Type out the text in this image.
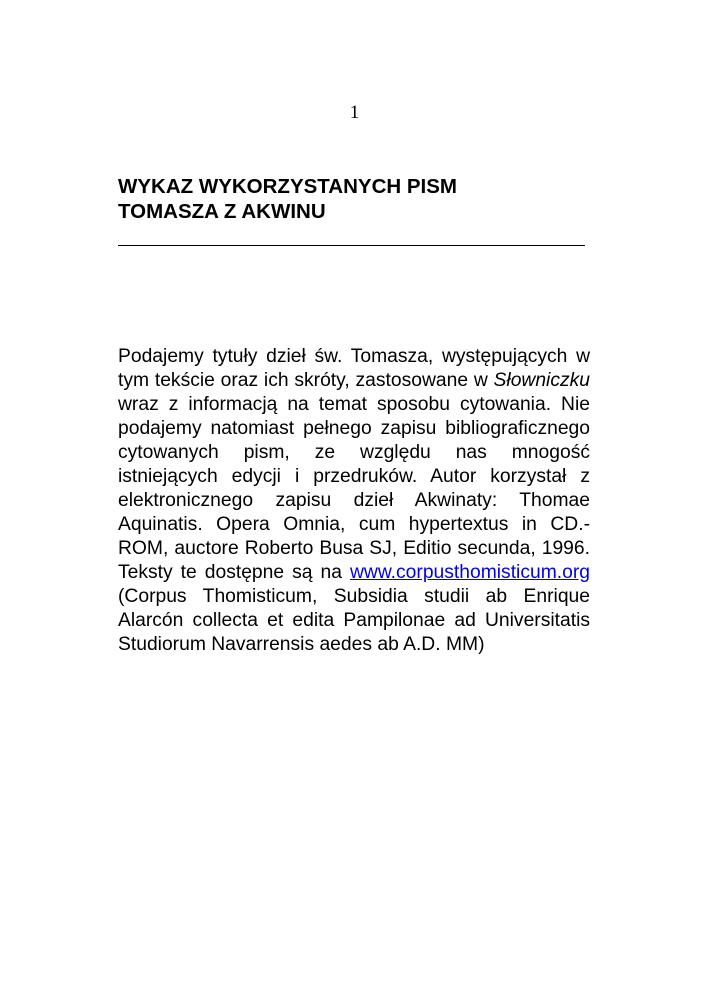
1
WYKAZ WYKORZYSTANYCH PISM
TOMASZA Z AKWINU

Podajemy tytuły dzieł św. Tomasza, występujących w tym tekście oraz ich skróty, zastosowane w Słowniczku wraz z informacją na temat sposobu cytowania. Nie podajemy natomiast pełnego zapisu bibliograficznego cytowanych pism, ze względu nas mnogość istniejących edycji i przedruków. Autor korzystał z elektronicznego zapisu dzieł Akwinaty: Thomae Aquinatis. Opera Omnia, cum hypertextus in CD.-ROM, auctore Roberto Busa SJ, Editio secunda, 1996. Teksty te dostępne są na www.corpusthomisticum.org (Corpus Thomisticum, Subsidia studii ab Enrique Alarcón collecta et edita Pampilonae ad Universitatis Studiorum Navarrensis aedes ab A.D. MM)
